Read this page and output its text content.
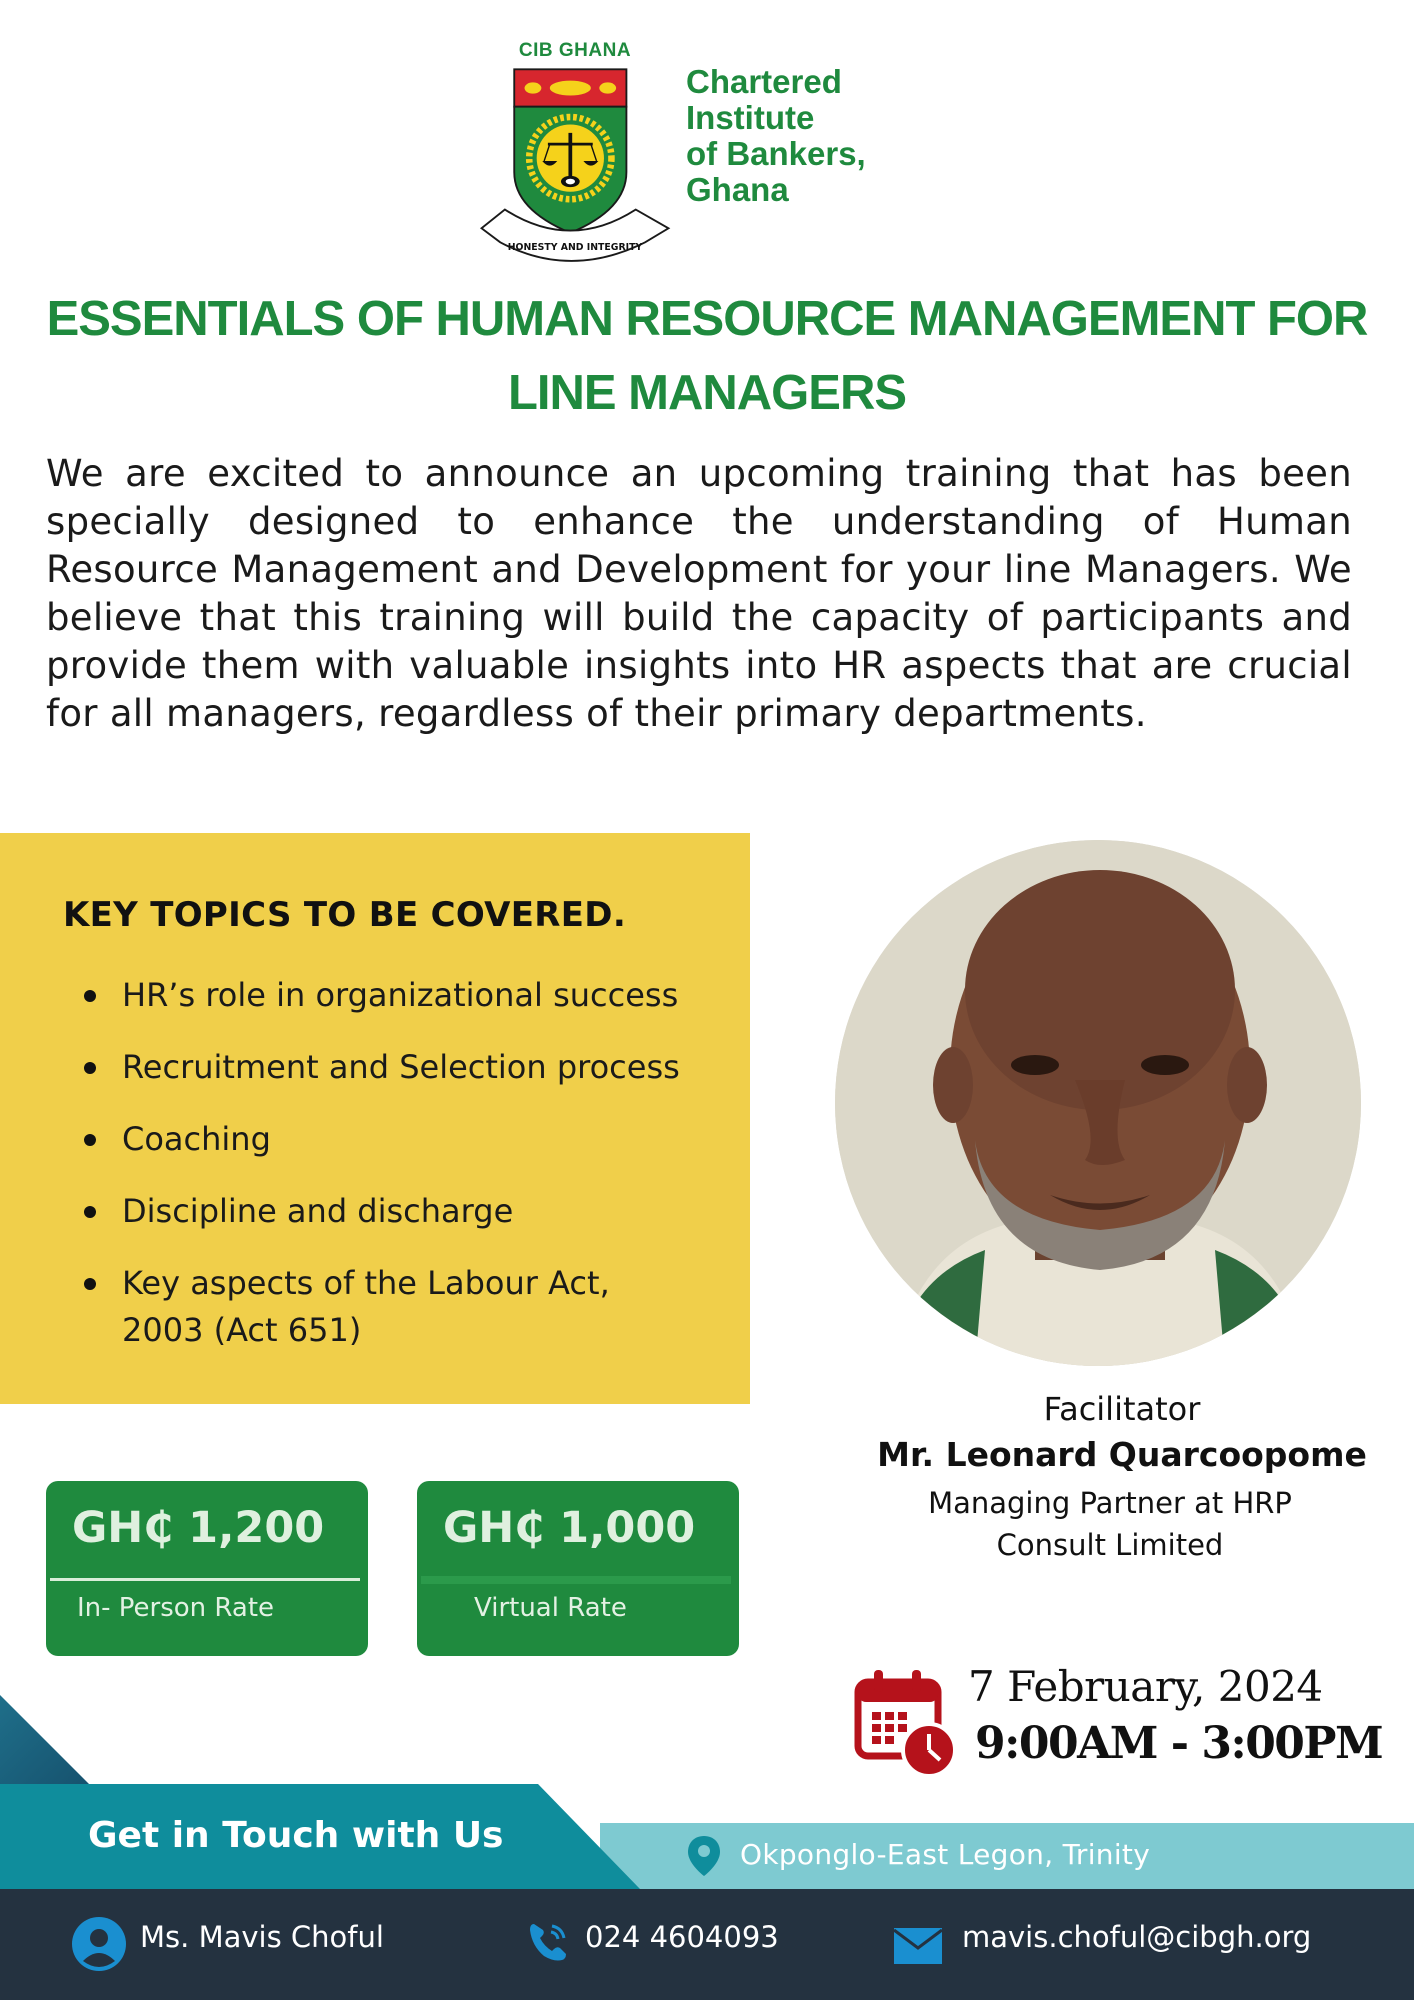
CIB GHANA
HONESTY AND INTEGRITY
Chartered
Institute
of Bankers,
Ghana
ESSENTIALS OF HUMAN RESOURCE MANAGEMENT FOR LINE MANAGERS
We are excited to announce an upcoming training that has been specially designed to enhance the understanding of Human Resource Management and Development for your line Managers. We believe that this training will build the capacity of participants and provide them with valuable insights into HR aspects that are crucial for all managers, regardless of their primary departments.
KEY TOPICS TO BE COVERED.
HR’s role in organizational success
Recruitment and Selection process
Coaching
Discipline and discharge
Key aspects of the Labour Act, 2003 (Act 651)
Facilitator
Mr. Leonard Quarcoopome
Managing Partner at HRP Consult Limited
GH₵ 1,200
In- Person Rate
GH₵ 1,000
Virtual Rate
7 February, 2024
9:00AM - 3:00PM
Get in Touch with Us	Okponglo-East Legon, Trinity
Ms. Mavis Choful	024 4604093	mavis.choful@cibgh.org
